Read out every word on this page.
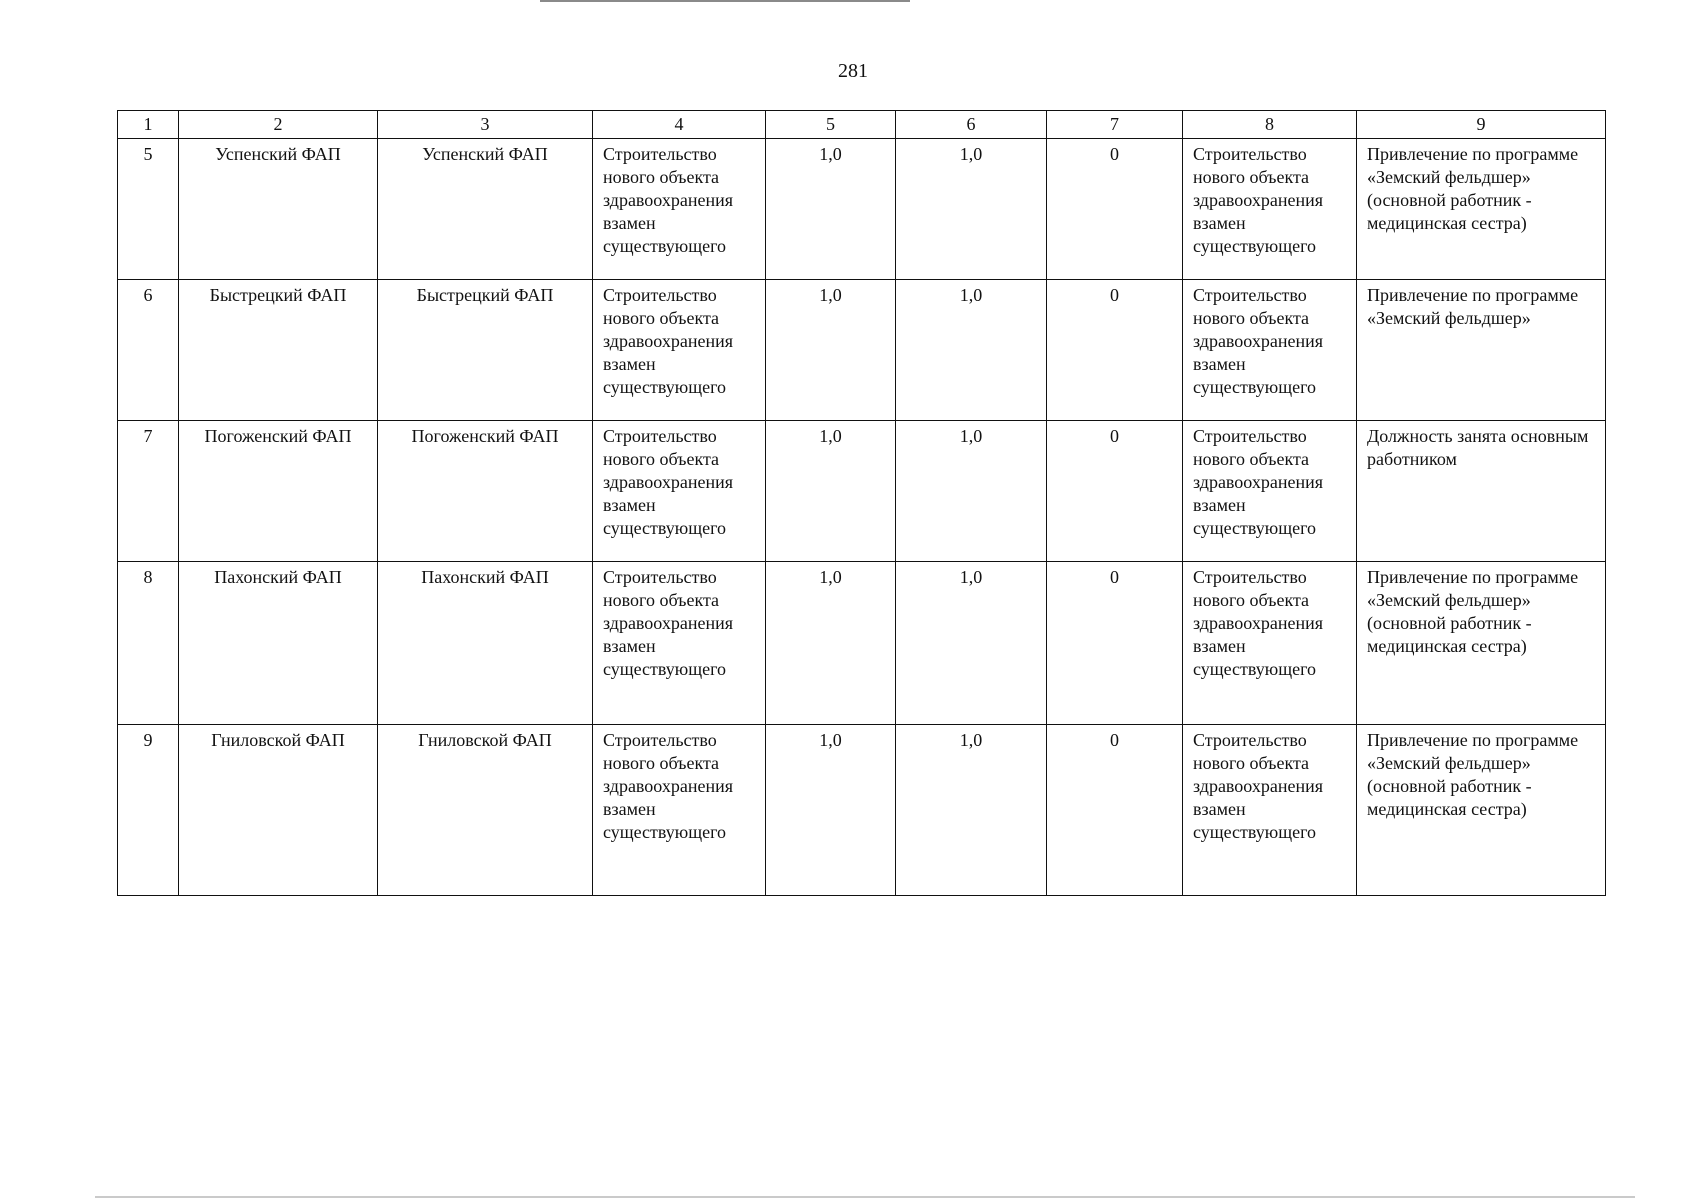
281
1	2	3	4	5	6	7	8	9
5	Успенский ФАП	Успенский ФАП	Строительство нового объекта здравоохранения взамен существующего	1,0	1,0	0	Строительство нового объекта здравоохранения взамен существующего	Привлечение по программе «Земский фельдшер» (основной работник - медицинская сестра)
6	Быстрецкий ФАП	Быстрецкий ФАП	Строительство нового объекта здравоохранения взамен существующего	1,0	1,0	0	Строительство нового объекта здравоохранения взамен существующего	Привлечение по программе «Земский фельдшер»
7	Погоженский ФАП	Погоженский ФАП	Строительство нового объекта здравоохранения взамен существующего	1,0	1,0	0	Строительство нового объекта здравоохранения взамен существующего	Должность занята основным работником
8	Пахонский ФАП	Пахонский ФАП	Строительство нового объекта здравоохранения взамен существующего	1,0	1,0	0	Строительство нового объекта здравоохранения взамен существующего	Привлечение по программе «Земский фельдшер» (основной работник - медицинская сестра)
9	Гниловской ФАП	Гниловской ФАП	Строительство нового объекта здравоохранения взамен существующего	1,0	1,0	0	Строительство нового объекта здравоохранения взамен существующего	Привлечение по программе «Земский фельдшер» (основной работник - медицинская сестра)
